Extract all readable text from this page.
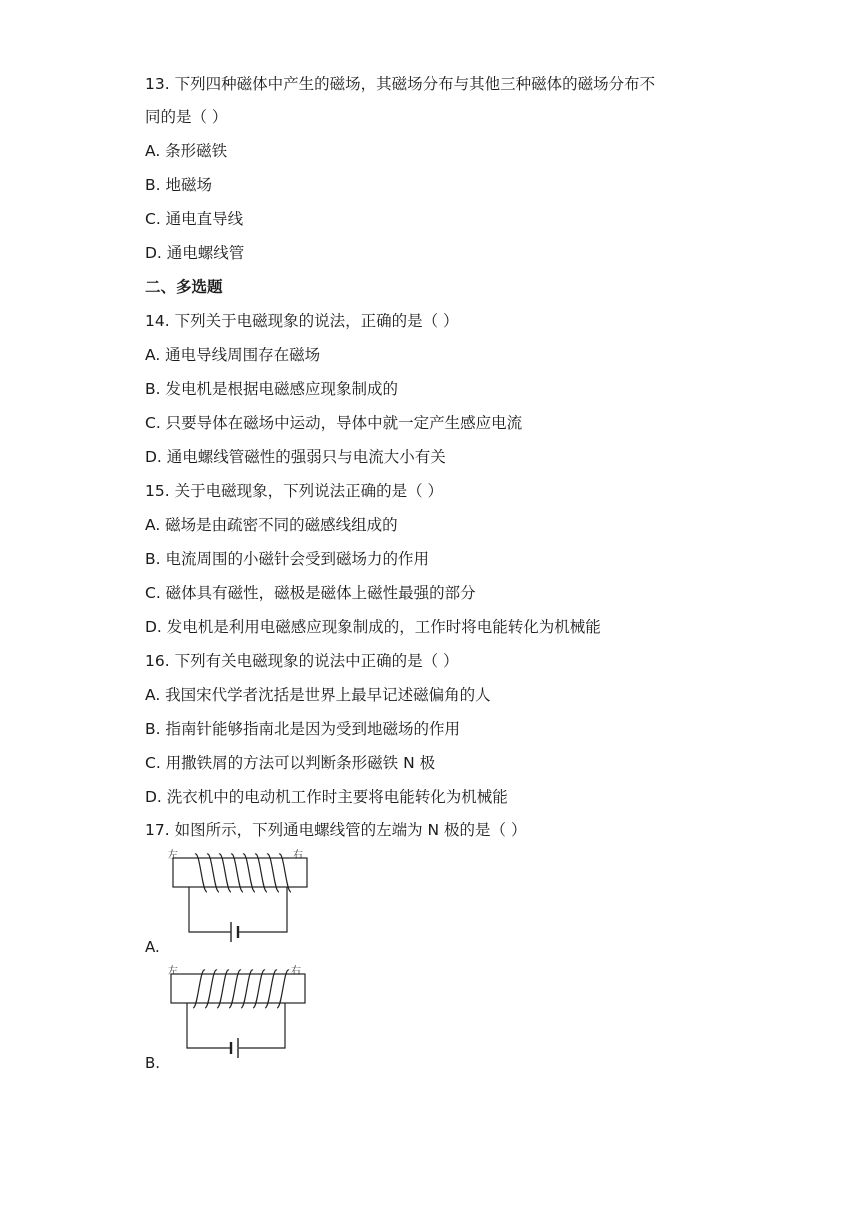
13. 下列四种磁体中产生的磁场，其磁场分布与其他三种磁体的磁场分布不
同的是（ ）
A. 条形磁铁
B. 地磁场
C. 通电直导线
D. 通电螺线管
二、多选题
14. 下列关于电磁现象的说法，正确的是（ ）
A. 通电导线周围存在磁场
B. 发电机是根据电磁感应现象制成的
C. 只要导体在磁场中运动，导体中就一定产生感应电流
D. 通电螺线管磁性的强弱只与电流大小有关
15. 关于电磁现象，下列说法正确的是（ ）
A. 磁场是由疏密不同的磁感线组成的
B. 电流周围的小磁针会受到磁场力的作用
C. 磁体具有磁性，磁极是磁体上磁性最强的部分
D. 发电机是利用电磁感应现象制成的，工作时将电能转化为机械能
16. 下列有关电磁现象的说法中正确的是（ ）
A. 我国宋代学者沈括是世界上最早记述磁偏角的人
B. 指南针能够指南北是因为受到地磁场的作用
C. 用撒铁屑的方法可以判断条形磁铁 N 极
D. 洗衣机中的电动机工作时主要将电能转化为机械能
17. 如图所示，下列通电螺线管的左端为 N 极的是（ ）
左	右
A.
左	右
B.
